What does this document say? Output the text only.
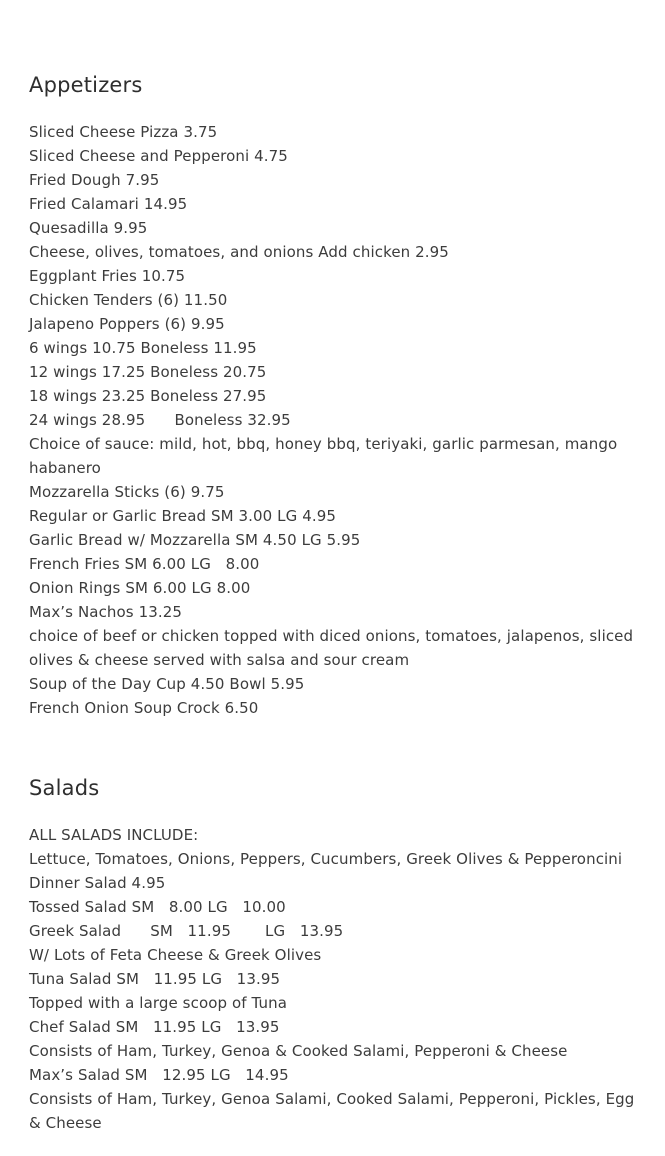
Appetizers
Sliced Cheese Pizza 3.75
Sliced Cheese and Pepperoni 4.75
Fried Dough 7.95
Fried Calamari 14.95
Quesadilla 9.95
Cheese, olives, tomatoes, and onions Add chicken 2.95
Eggplant Fries 10.75
Chicken Tenders (6) 11.50
Jalapeno Poppers (6) 9.95
6 wings 10.75 Boneless 11.95
12 wings 17.25 Boneless 20.75
18 wings 23.25 Boneless 27.95
24 wings 28.95      Boneless 32.95
Choice of sauce: mild, hot, bbq, honey bbq, teriyaki, garlic parmesan, mango habanero
Mozzarella Sticks (6) 9.75
Regular or Garlic Bread SM 3.00 LG 4.95
Garlic Bread w/ Mozzarella SM 4.50 LG 5.95
French Fries SM 6.00 LG   8.00
Onion Rings SM 6.00 LG 8.00
Max’s Nachos 13.25
choice of beef or chicken topped with diced onions, tomatoes, jalapenos, sliced olives & cheese served with salsa and sour cream
Soup of the Day Cup 4.50 Bowl 5.95
French Onion Soup Crock 6.50
Salads
ALL SALADS INCLUDE:
Lettuce, Tomatoes, Onions, Peppers, Cucumbers, Greek Olives & Pepperoncini
Dinner Salad 4.95
Tossed Salad SM   8.00 LG   10.00
Greek Salad      SM   11.95       LG   13.95
W/ Lots of Feta Cheese & Greek Olives
Tuna Salad SM   11.95 LG   13.95
Topped with a large scoop of Tuna
Chef Salad SM   11.95 LG   13.95
Consists of Ham, Turkey, Genoa & Cooked Salami, Pepperoni & Cheese
Max’s Salad SM   12.95 LG   14.95
Consists of Ham, Turkey, Genoa Salami, Cooked Salami, Pepperoni, Pickles, Egg & Cheese
